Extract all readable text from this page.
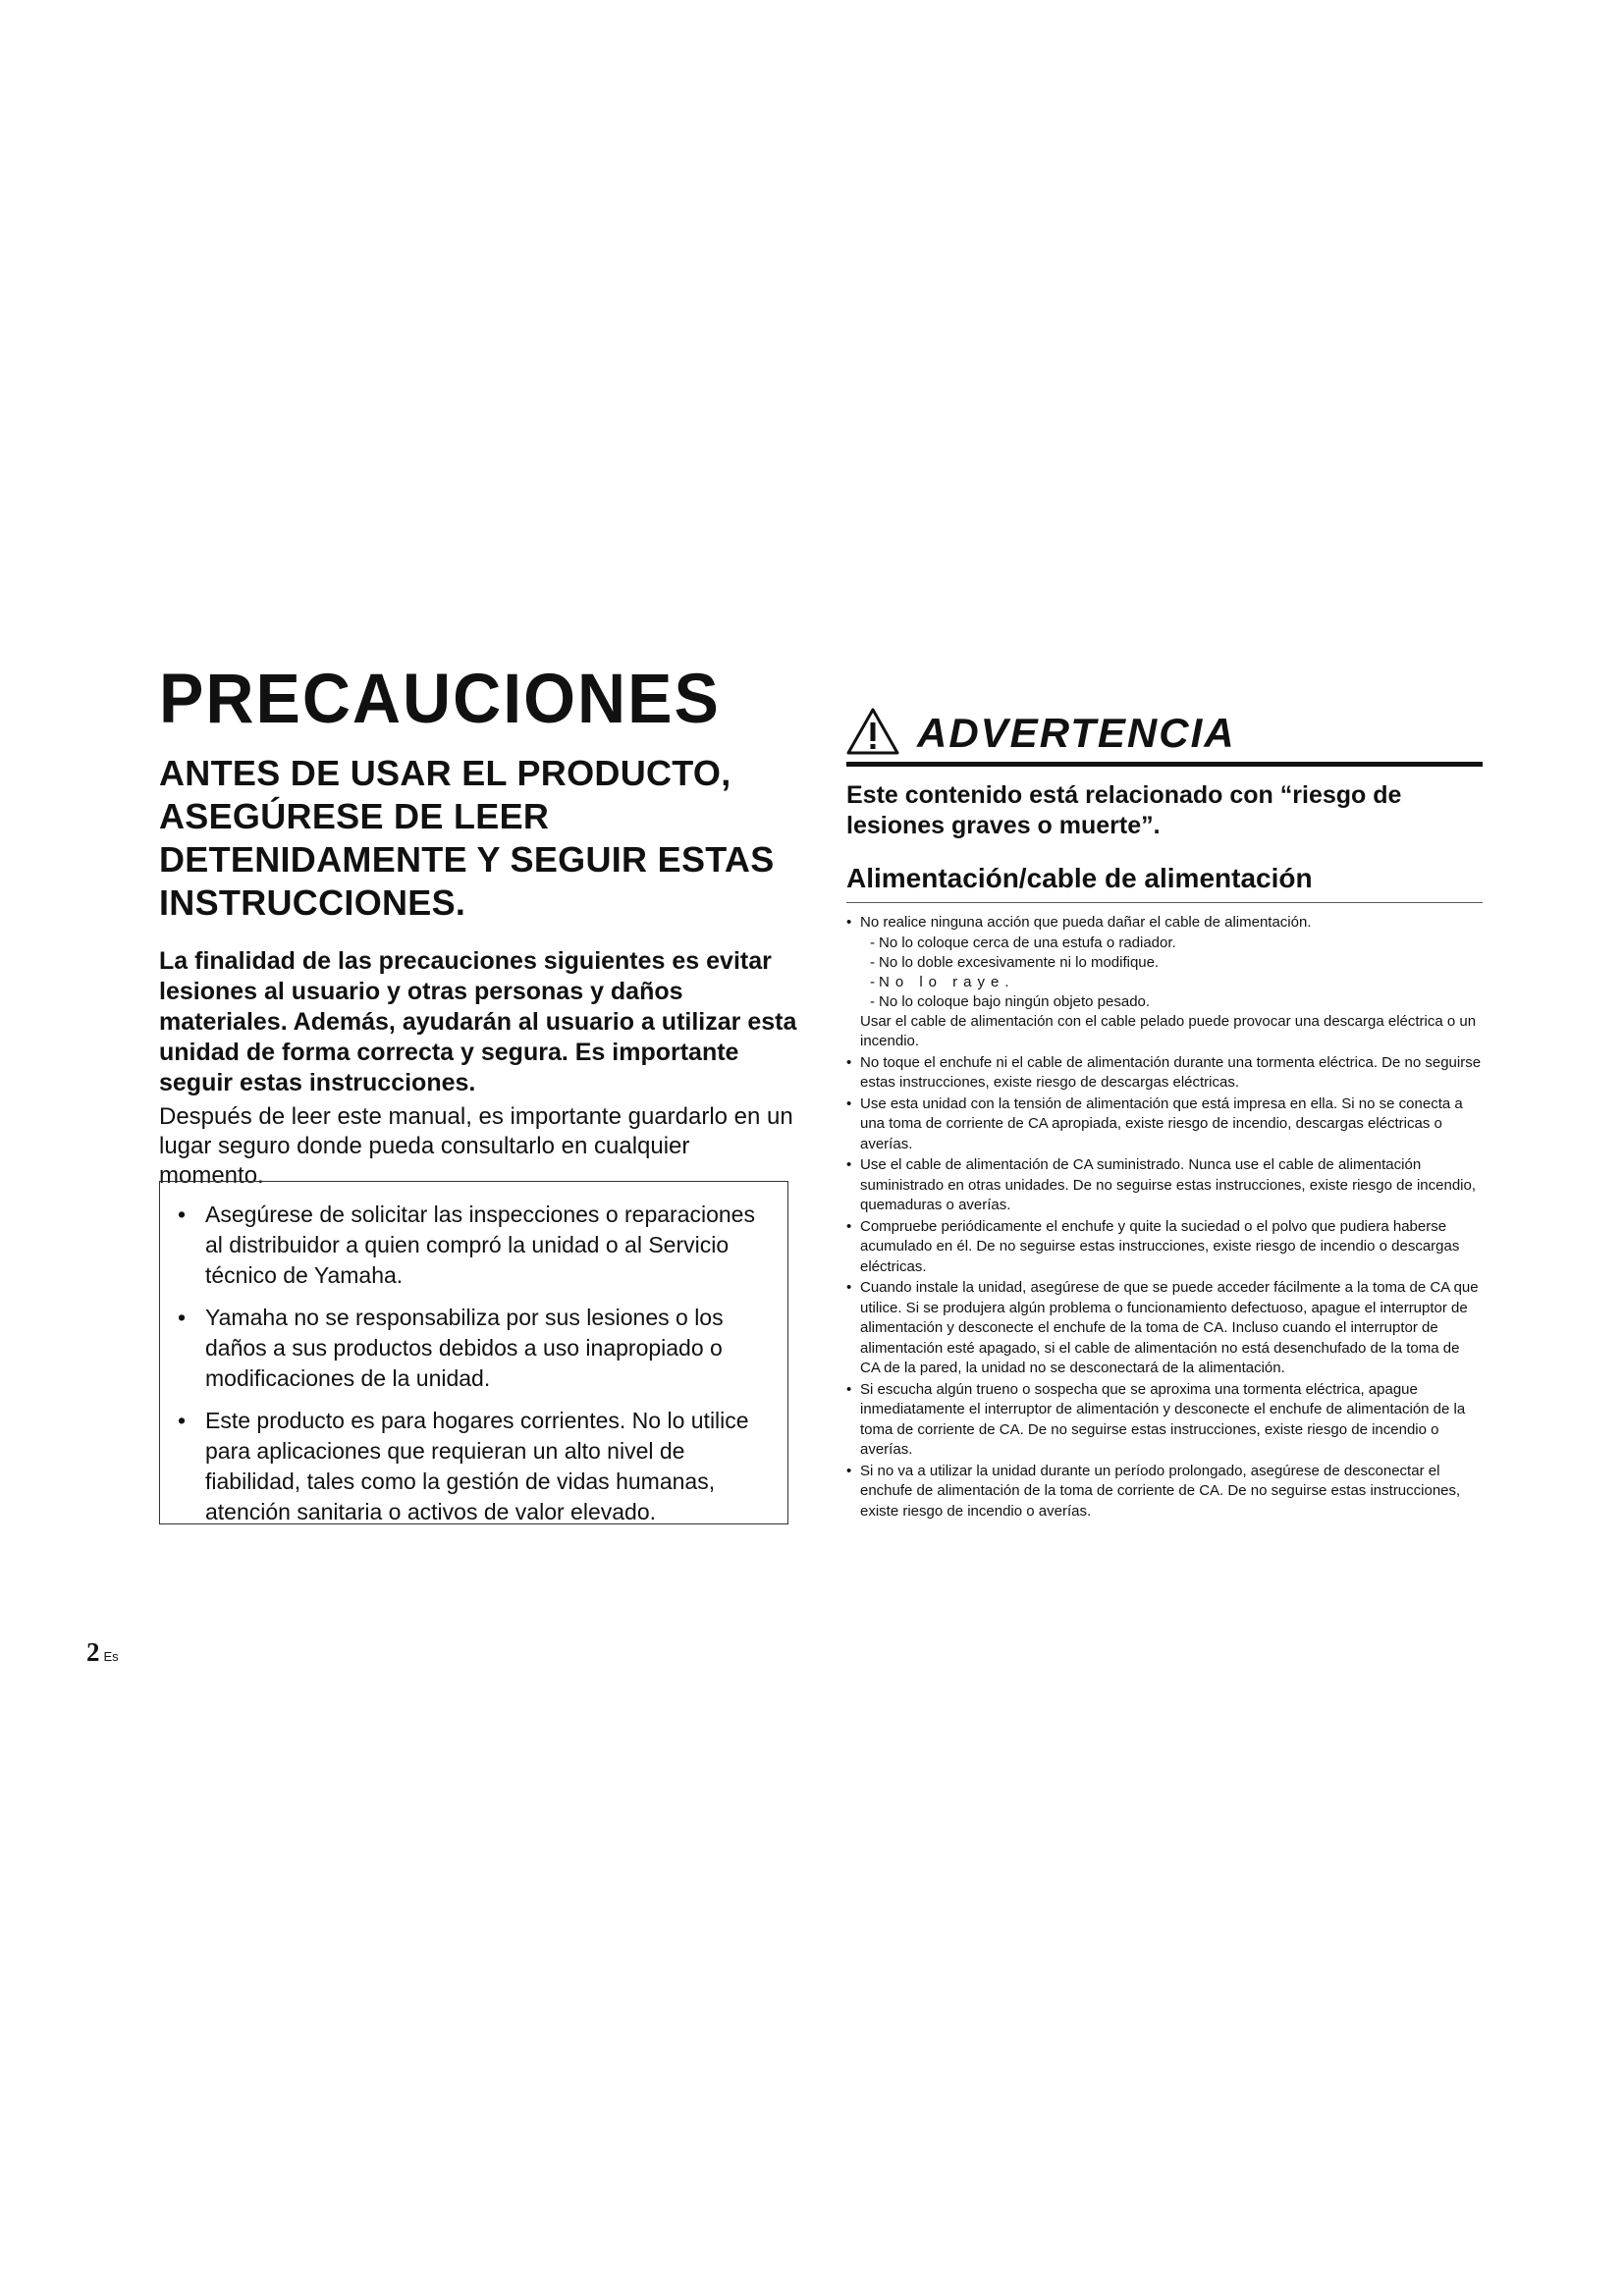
PRECAUCIONES
ANTES DE USAR EL PRODUCTO, ASEGÚRESE DE LEER DETENIDAMENTE Y SEGUIR ESTAS INSTRUCCIONES.

La finalidad de las precauciones siguientes es evitar lesiones al usuario y otras personas y daños materiales. Además, ayudarán al usuario a utilizar esta unidad de forma correcta y segura. Es importante seguir estas instrucciones.

Después de leer este manual, es importante guardarlo en un lugar seguro donde pueda consultarlo en cualquier momento.

• Asegúrese de solicitar las inspecciones o reparaciones al distribuidor a quien compró la unidad o al Servicio técnico de Yamaha.
• Yamaha no se responsabiliza por sus lesiones o los daños a sus productos debidos a uso inapropiado o modificaciones de la unidad.
• Este producto es para hogares corrientes. No lo utilice para aplicaciones que requieran un alto nivel de fiabilidad, tales como la gestión de vidas humanas, atención sanitaria o activos de valor elevado.
ADVERTENCIA

Este contenido está relacionado con “riesgo de lesiones graves o muerte”.

Alimentación/cable de alimentación
• No realice ninguna acción que pueda dañar el cable de alimentación.
- No lo coloque cerca de una estufa o radiador.
- No lo doble excesivamente ni lo modifique.
- No lo raye.
- No lo coloque bajo ningún objeto pesado.
Usar el cable de alimentación con el cable pelado puede provocar una descarga eléctrica o un incendio.
• No toque el enchufe ni el cable de alimentación durante una tormenta eléctrica. De no seguirse estas instrucciones, existe riesgo de descargas eléctricas.
• Use esta unidad con la tensión de alimentación que está impresa en ella. Si no se conecta a una toma de corriente de CA apropiada, existe riesgo de incendio, descargas eléctricas o averías.
• Use el cable de alimentación de CA suministrado. Nunca use el cable de alimentación suministrado en otras unidades. De no seguirse estas instrucciones, existe riesgo de incendio, quemaduras o averías.
• Compruebe periódicamente el enchufe y quite la suciedad o el polvo que pudiera haberse acumulado en él. De no seguirse estas instrucciones, existe riesgo de incendio o descargas eléctricas.
• Cuando instale la unidad, asegúrese de que se puede acceder fácilmente a la toma de CA que utilice. Si se produjera algún problema o funcionamiento defectuoso, apague el interruptor de alimentación y desconecte el enchufe de la toma de CA. Incluso cuando el interruptor de alimentación esté apagado, si el cable de alimentación no está desenchufado de la toma de CA de la pared, la unidad no se desconectará de la alimentación.
• Si escucha algún trueno o sospecha que se aproxima una tormenta eléctrica, apague inmediatamente el interruptor de alimentación y desconecte el enchufe de alimentación de la toma de corriente de CA. De no seguirse estas instrucciones, existe riesgo de incendio o averías.
• Si no va a utilizar la unidad durante un período prolongado, asegúrese de desconectar el enchufe de alimentación de la toma de corriente de CA. De no seguirse estas instrucciones, existe riesgo de incendio o averías.
2 Es
